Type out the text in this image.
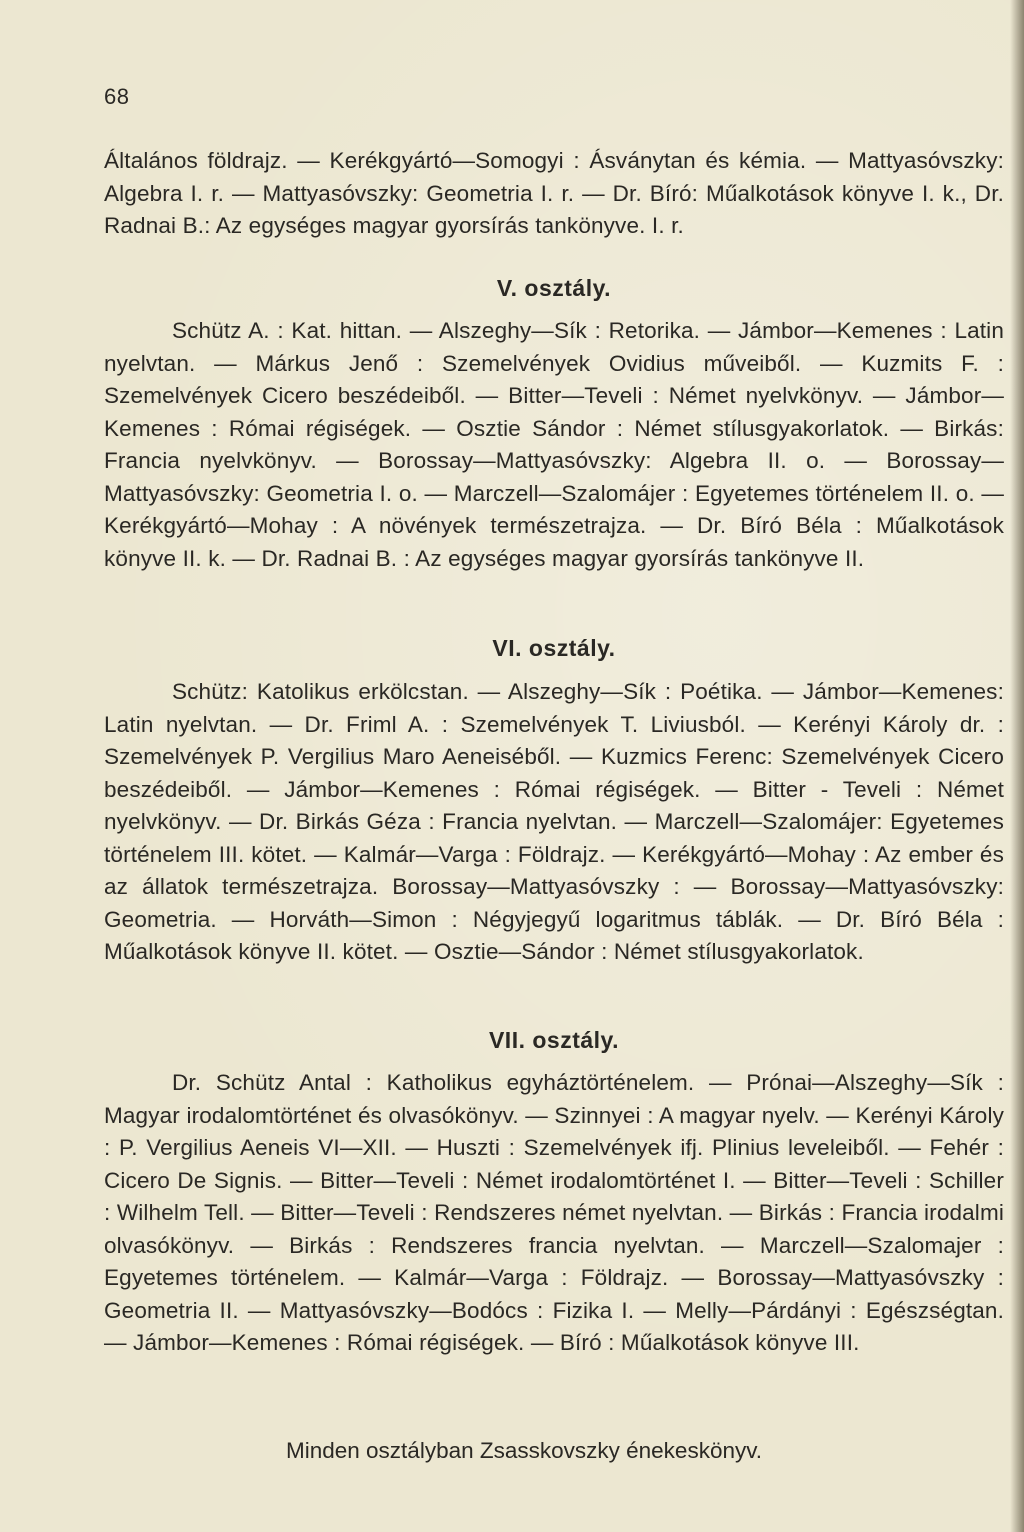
68

Általános földrajz. — Kerékgyártó—Somogyi : Ásványtan és kémia. — Mattyasóvszky: Algebra I. r. — Mattyasóvszky: Geometria I. r. — Dr. Bíró: Műalkotások könyve I. k., Dr. Radnai B.: Az egységes magyar gyorsírás tankönyve. I. r.

V. osztály.

Schütz A. : Kat. hittan. — Alszeghy—Sík : Retorika. — Jámbor—Kemenes : Latin nyelvtan. — Márkus Jenő : Szemelvények Ovidius műveiből. — Kuzmits F. : Szemelvények Cicero beszédeiből. — Bitter—Teveli : Német nyelvkönyv. — Jámbor—Kemenes : Római régiségek. — Osztie Sándor : Német stílusgyakorlatok. — Birkás: Francia nyelvkönyv. — Borossay—Mattyasóvszky: Algebra II. o. — Borossay—Mattyasóvszky: Geometria I. o. — Marczell—Szalomájer : Egyetemes történelem II. o. — Kerékgyártó—Mohay : A növények természetrajza. — Dr. Bíró Béla : Műalkotások könyve II. k. — Dr. Radnai B. : Az egységes magyar gyorsírás tankönyve II.

VI. osztály.

Schütz: Katolikus erkölcstan. — Alszeghy—Sík : Poétika. — Jámbor—Kemenes: Latin nyelvtan. — Dr. Friml A. : Szemelvények T. Liviusból. — Kerényi Károly dr. : Szemelvények P. Vergilius Maro Aeneiséből. — Kuzmics Ferenc: Szemelvények Cicero beszédeiből. — Jámbor—Kemenes : Római régiségek. — Bitter - Teveli : Német nyelvkönyv. — Dr. Birkás Géza : Francia nyelvtan. — Marczell—Szalomájer: Egyetemes történelem III. kötet. — Kalmár—Varga : Földrajz. — Kerékgyártó—Mohay : Az ember és az állatok természetrajza. Borossay—Mattyasóvszky : — Borossay—Mattyasóvszky: Geometria. — Horváth—Simon : Négyjegyű logaritmus táblák. — Dr. Bíró Béla : Műalkotások könyve II. kötet. — Osztie—Sándor : Német stílusgyakorlatok.

VII. osztály.

Dr. Schütz Antal : Katholikus egyháztörténelem. — Prónai—Alszeghy—Sík : Magyar irodalomtörténet és olvasókönyv. — Szinnyei : A magyar nyelv. — Kerényi Károly : P. Vergilius Aeneis VI—XII. — Huszti : Szemelvények ifj. Plinius leveleiből. — Fehér : Cicero De Signis. — Bitter—Teveli : Német irodalomtörténet I. — Bitter—Teveli : Schiller : Wilhelm Tell. — Bitter—Teveli : Rendszeres német nyelvtan. — Birkás : Francia irodalmi olvasókönyv. — Birkás : Rendszeres francia nyelvtan. — Marczell—Szalomajer : Egyetemes történelem. — Kalmár—Varga : Földrajz. — Borossay—Mattyasóvszky : Geometria II. — Mattyasóvszky—Bodócs : Fizika I. — Melly—Párdányi : Egészségtan. — Jámbor—Kemenes : Római régiségek. — Bíró : Műalkotások könyve III.

Minden osztályban Zsasskovszky énekeskönyv.
